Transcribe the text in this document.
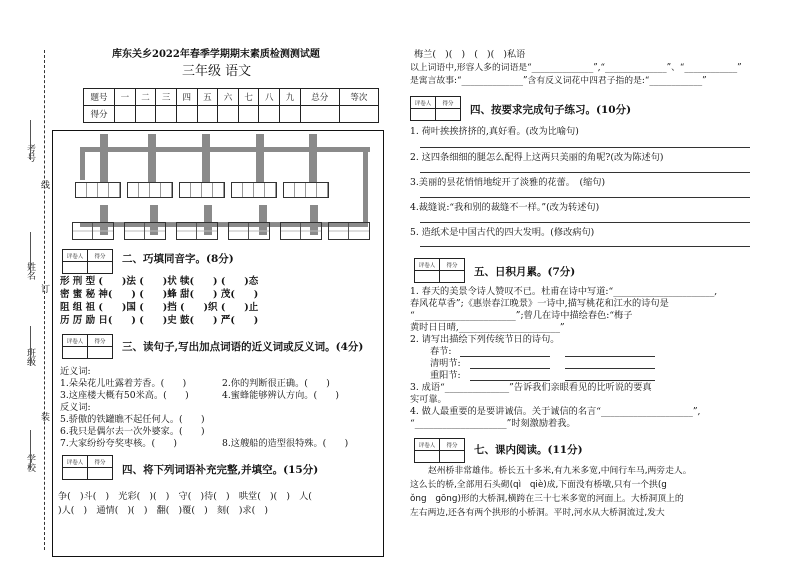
考号
线
姓名
订
班级
装
学校
库东关乡2022年春季学期期末素质检测测试题
三年级 语文
题号	一	二	三	四	五	六	七	八	九	总分	等次
得分											
评卷人	得分
	二、巧填同音字。(8分)
形 刑 型 (　　)法 (　　)状 犊(　　) (　　)态
密 蜜 秘 神(　　) (　　)蜂 甜(　　) 茂(　　)
阻 组 祖 (　　)国 (　　)挡 (　　)织 (　　)止
历 厉 励 日(　　) (　　)史 鼓(　　) 严(　　)
评卷人	得分
	三、读句子,写出加点词语的近义词或反义词。(4分)
近义词:
1.朵朵花儿吐露着芳香。(　　)	2.你的判断很正确。(　　)
3.这座楼大概有50米高。(　　)	4.蜜蜂能够辨认方向。(　　)
反义词:
5.骄傲的铁罐瞧不起任何人。(　　)
6.我只是偶尔去一次外婆家。(　　)
7.大家纷纷夸奖枣核。(　　)	8.这艘船的造型很特殊。(　　)
评卷人	得分

四、将下列词语补充完整,并填空。(15分)
争(　)斗(　)　光彩(　)(　)　守(　)待(　)　哄堂(　)(　)　人(
)人(　)　通情(　)(　)　翻(　)覆(　)　刻(　)求(　)
梅兰(　)(　)　(　)(　)私语
以上词语中,形容人多的词语是“______________”,“______________”、“____________”
是寓言故事:“______________”含有反义词花中四君子指的是:“____________”
评卷人	得分

四、按要求完成句子练习。(10分)
1. 荷叶挨挨挤挤的,真好看。(改为比喻句)
2. 这四条细细的腿怎么配得上这两只美丽的角呢?(改为陈述句)
3.美丽的昙花悄悄地绽开了淡雅的花蕾。　(缩句)
4.裁缝说:“我和别的裁缝不一样。”(改为转述句)
5. 造纸术是中国古代的四大发明。(修改病句)
评卷人	得分

五、日积月累。(7分)
1. 春天的美景令诗人赞叹不已。杜甫在诗中写道:“______________________,
春风花草香”;《惠崇春江晚景》一诗中,描写桃花和江水的诗句是
“______________________”;曾几在诗中描绘春色:“梅子
黄时日日晴,______________________”
2. 请写出描绘下列传统节日的诗句。
春节:
清明节:
重阳节:
3. 成语“______________”告诉我们亲眼看见的比听说的要真
实可靠。
4. 做人最重要的是要讲诚信。关于诚信的名言“____________________”,
“____________________”时刻激励着我。
评卷人	得分
	七、课内阅读。(11分)
赵州桥非常雄伟。桥长五十多米,有九米多宽,中间行车马,两旁走人。
这么长的桥,全部用石头砌(qì　qiè)成,下面没有桥墩,只有一个拱(g
ǒng　gōng)形的大桥洞,横跨在三十七米多宽的河面上。大桥洞顶上的
左右两边,还各有两个拱形的小桥洞。平时,河水从大桥洞流过,发大
